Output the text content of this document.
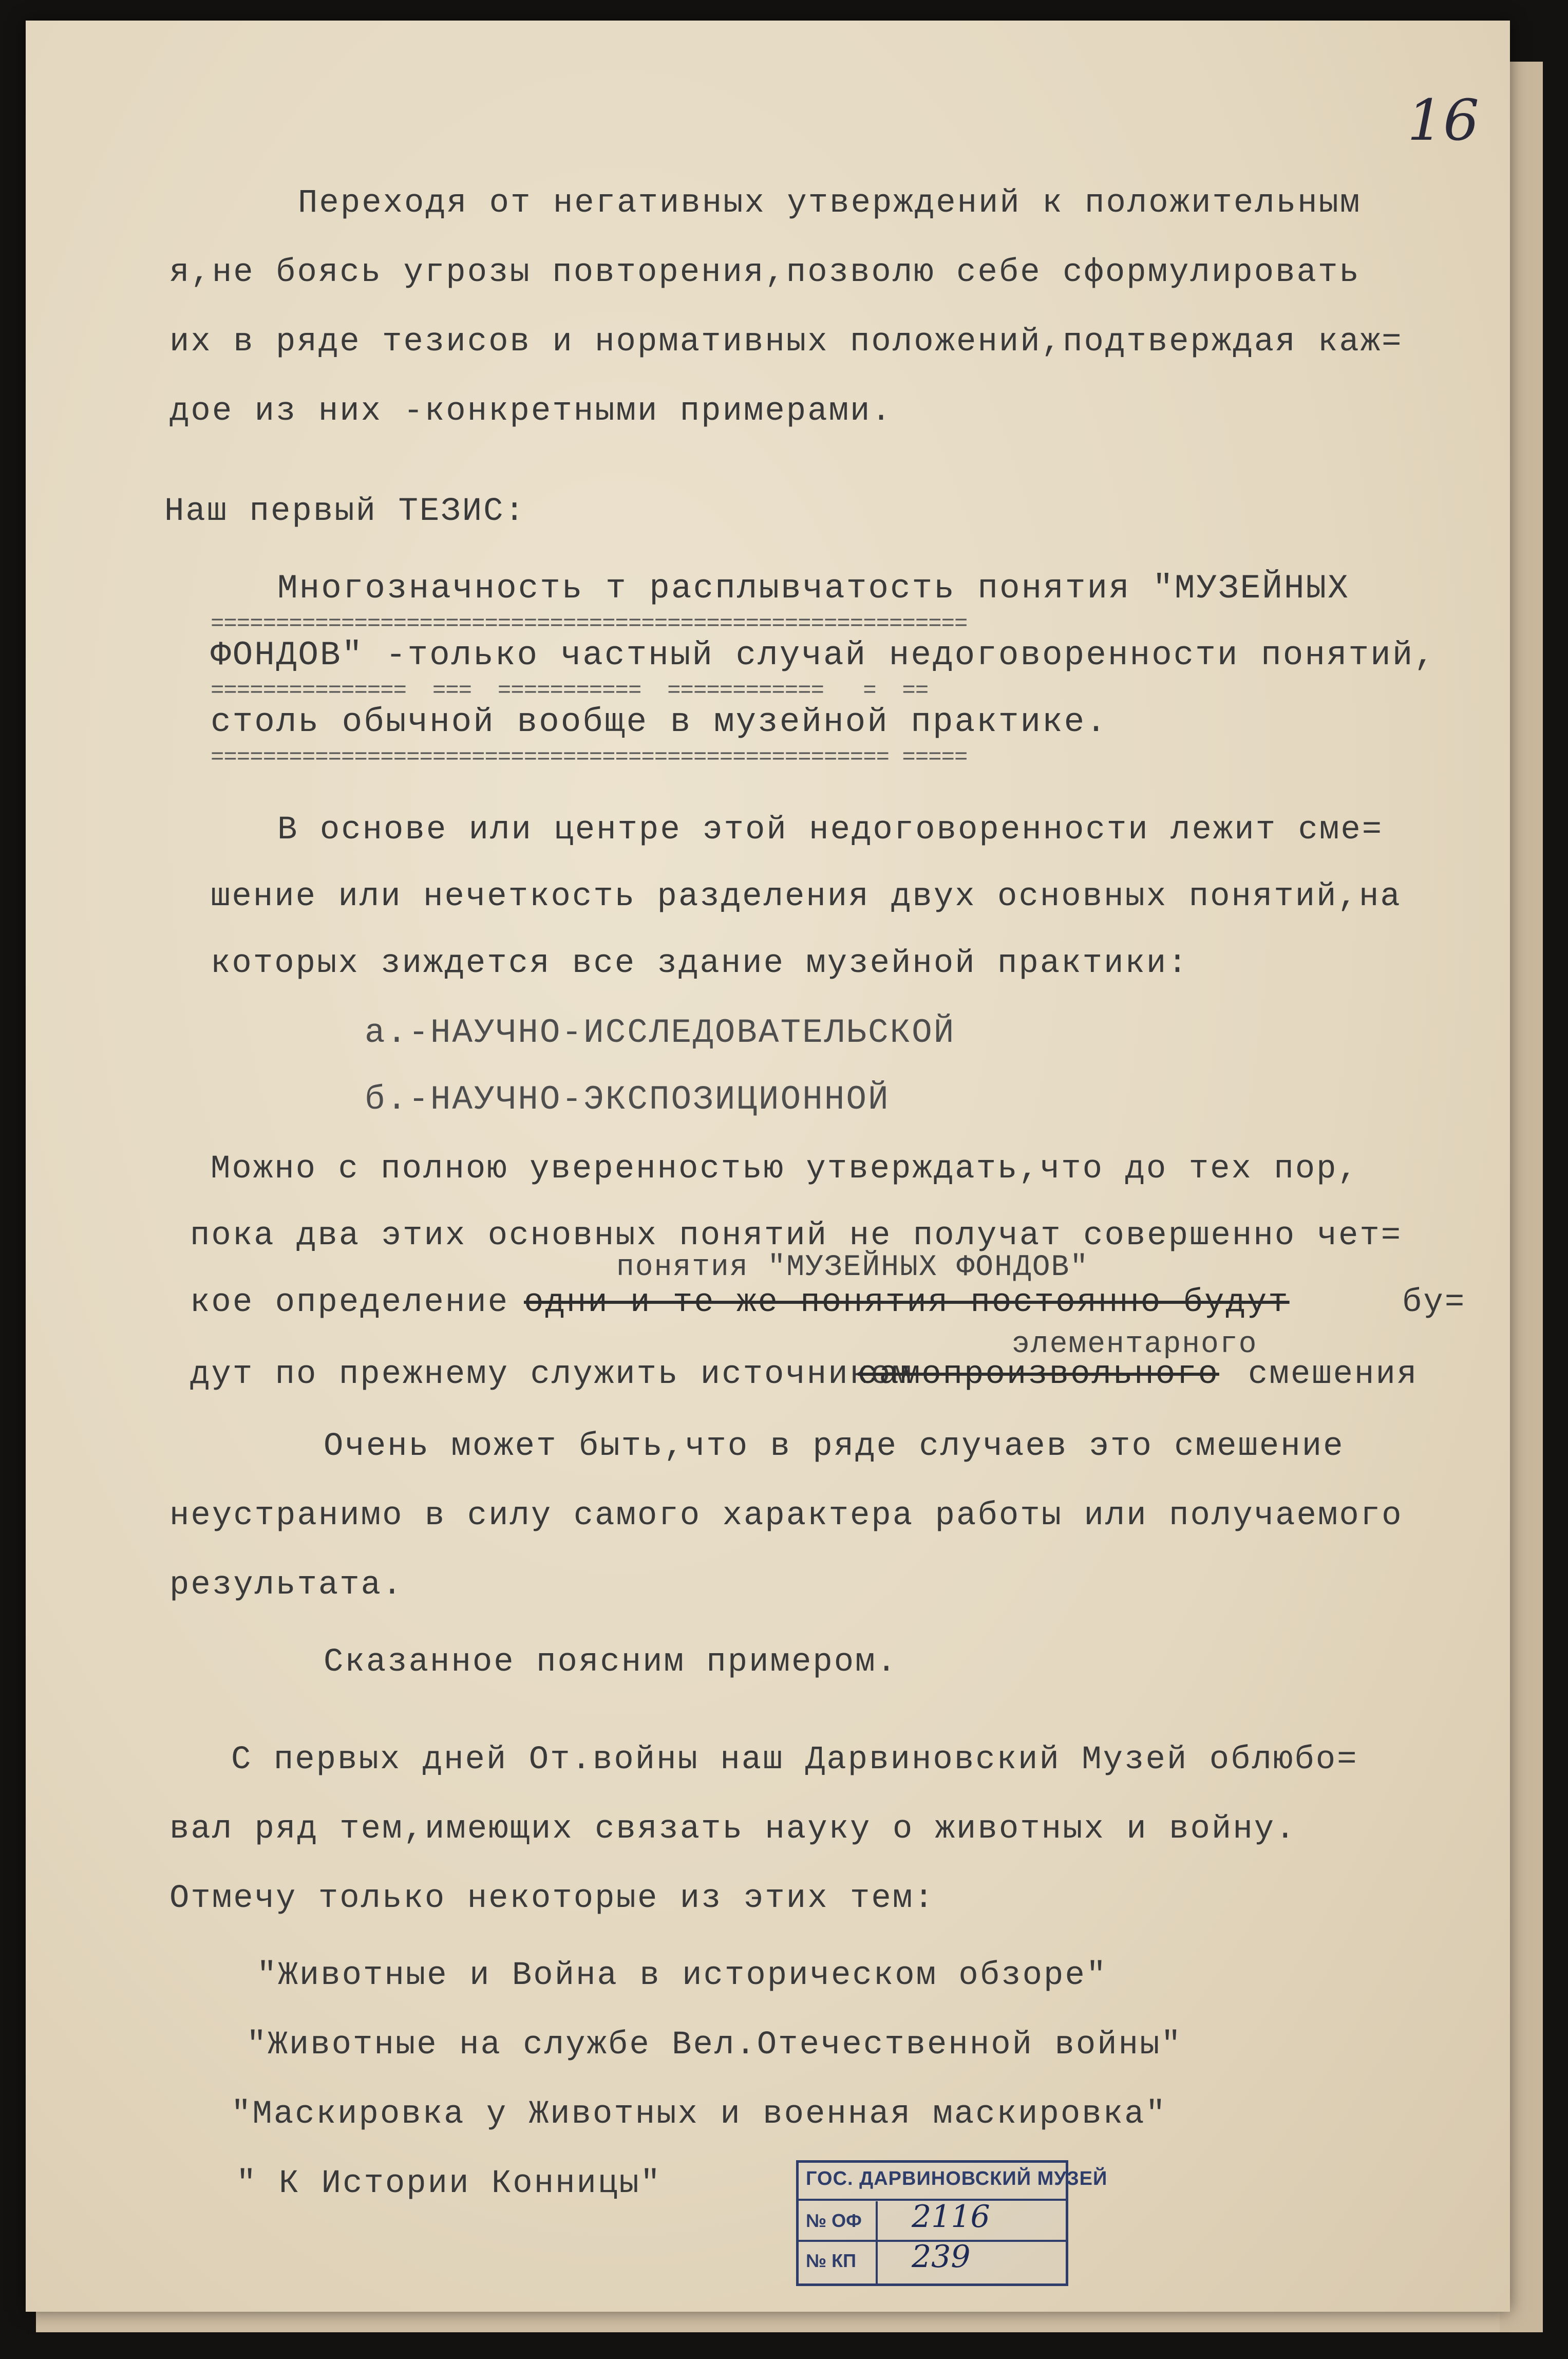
16
Переходя от негативных утверждений к положительным
я,не боясь угрозы повторения,позволю себе сформулировать
их в ряде тезисов и нормативных положений,подтверждая каж=
дое из них -конкретными примерами.
Наш первый ТЕЗИС:
Многозначность т расплывчатость понятия "МУЗЕЙНЫХ
==========================================================
ФОНДОВ" -только частный случай недоговоренности понятий,
===============  ===  ===========  ============   =  ==
столь обычной вообще в музейной практике.
==================================================== =====
В основе или центре этой недоговоренности лежит сме=
шение или нечеткость разделения двух основных понятий,на
которых зиждется все здание музейной практики:
а.-НАУЧНО-ИССЛЕДОВАТЕЛЬСКОЙ
б.-НАУЧНО-ЭКСПОЗИЦИОННОЙ
Можно с полною уверенностью утверждать,что до тех пор,
пока два этих основных понятий не получат совершенно чет=
понятия "МУЗЕЙНЫХ ФОНДОВ"
кое определение -
одни и те же понятия постоянно будут	бу=
элементарного
дут по прежнему служить источником
самопроизвольного смешения
Очень может быть,что в ряде случаев это смешение
неустранимо в силу самого характера работы или получаемого
результата.
Сказанное поясним примером.
С первых дней От.войны наш Дарвиновский Музей облюбо=
вал ряд тем,имеющих связать науку о животных и войну.
Отмечу только некоторые из этих тем:
"Животные и Война в историческом обзоре"
"Животные на службе Вел.Отечественной войны"
"Маскировка у Животных и военная маскировка"
" К Истории Конницы"	ГОС. ДАРВИНОВСКИЙ МУЗЕЙ
№ ОФ 2116
№ КП 239
